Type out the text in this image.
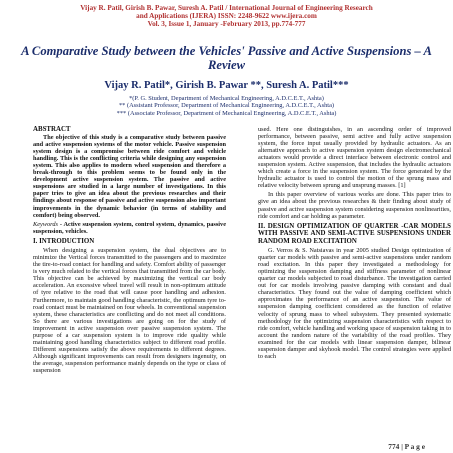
Vijay R. Patil, Girish B. Pawar, Suresh A. Patil / International Journal of Engineering Research
and Applications (IJERA) ISSN: 2248-9622 www.ijera.com
Vol. 3, Issue 1, January -February 2013, pp.774-777
A Comparative Study between the Vehicles' Passive and Active Suspensions – A Review
Vijay R. Patil*, Girish B. Pawar **, Suresh A. Patil***
*(P. G. Student, Department of Mechanical Engineering, A.D.C.E.T., Ashta)
** (Assistant Professor, Department of Mechanical Engineering, A.D.C.E.T., Ashta)
*** (Associate Professor, Department of Mechanical Engineering, A.D.C.E.T., Ashta)
ABSTRACT

The objective of this study is a comparative study between passive and active suspension systems of the motor vehicle. Passive suspension system design is a compromise between ride comfort and vehicle handling. This is the conflicting criteria while designing any suspension system. This also applies to modern wheel suspension and therefore a break-through to this problem seems to be found only in the development active suspension system. The passive and active suspensions are studied in a large number of investigations. In this paper tries to give an idea about the previous researches and their findings about response of passive and active suspension also important improvements in the dynamic behavior (in terms of stability and comfort) being observed.

Keywords - Active suspension system, control system, dynamics, passive suspension, vehicles.

I. INTRODUCTION

When designing a suspension system, the dual objectives are to minimize the Vertical forces transmitted to the passengers and to maximize the tire-to-road contact for handling and safety. Comfort ability of passenger is very much related to the vertical forces that transmitted from the car body. This objective can be achieved by maximizing the vertical car body acceleration. An excessive wheel travel will result in non-optimum attitude of tyre relative to the road that will cause poor handling and adhesion. Furthermore, to maintain good handling characteristic, the optimum tyre to-road contact must be maintained on four wheels. In conventional suspension system, these characteristics are conflicting and do not meet all conditions. So there are various investigations are going on for the study of improvement in active suspension over passive suspension system. The purpose of a car suspension system is to improve ride quality while maintaining good handling characteristics subject to different road profile. Different suspensions satisfy the above requirements to different degrees. Although significant improvements can result from designers ingenuity, on the average, suspension performance mainly depends on the type or class of suspension

used. Here one distinguishes, in an ascending order of improved performance, between passive, semi active and fully active suspension system, the force input usually provided by hydraulic actuators. As an alternative approach to active suspension system design electromechanical actuators would provide a direct interface between electronic control and suspension system. Active suspension, that includes the hydraulic actuators which create a force in the suspension system. The force generated by the hydraulic actuator is used to control the motion of the sprung mass and relative velocity between sprung and unsprung masses. [1]

In this paper overview of various works are done. This paper tries to give an idea about the previous researches & their finding about study of passive and active suspension system considering suspension nonlinearities, ride comfort and car holding as parameter.

II. DESIGN OPTIMIZATION OF QUARTER -CAR MODELS WITH PASSIVE AND SEMI-ACTIVE SUSPENSIONS UNDER RANDOM ROAD EXCITATION

G. Verros & S. Natsiavas in year 2005 studied Design optimization of quarter car models with passive and semi-active suspensions under random road excitation. In this paper they investigated a methodology for optimizing the suspension damping and stiffness parameter of nonlinear quarter car models subjected to road disturbance. The investigation carried out for car models involving passive damping with constant and dual characteristics. They found out the value of damping coefficient which approximates the performance of an active suspension. The value of suspension damping coefficient considered as the function of relative velocity of sprung mass to wheel subsystem. They presented systematic methodology for the optimizing suspension characteristics with respect to ride comfort, vehicle handling and working space of suspension taking in to account the random nature of the variability of the road profiles. They examined for the car models with linear suspension damper, bilinear suspension damper and skyhook model. The control strategies were applied to each

774 | P a g e
